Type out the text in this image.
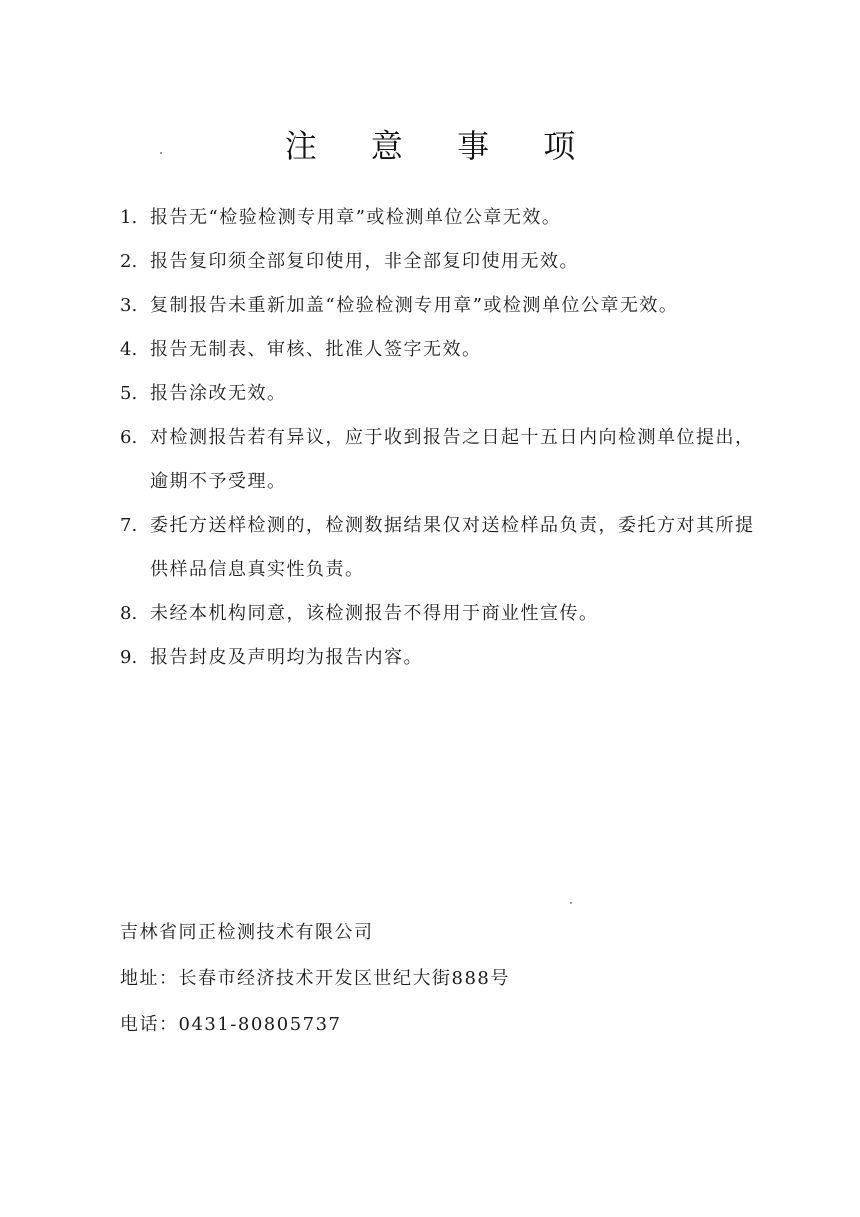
注 意 事 项
1. 报告无“检验检测专用章”或检测单位公章无效。
2. 报告复印须全部复印使用，非全部复印使用无效。
3. 复制报告未重新加盖“检验检测专用章”或检测单位公章无效。
4. 报告无制表、审核、批准人签字无效。
5. 报告涂改无效。
6. 对检测报告若有异议，应于收到报告之日起十五日内向检测单位提出，逾期不予受理。
7. 委托方送样检测的，检测数据结果仅对送检样品负责，委托方对其所提供样品信息真实性负责。
8. 未经本机构同意，该检测报告不得用于商业性宣传。
9. 报告封皮及声明均为报告内容。
吉林省同正检测技术有限公司
地址：长春市经济技术开发区世纪大街888号
电话：0431-80805737
